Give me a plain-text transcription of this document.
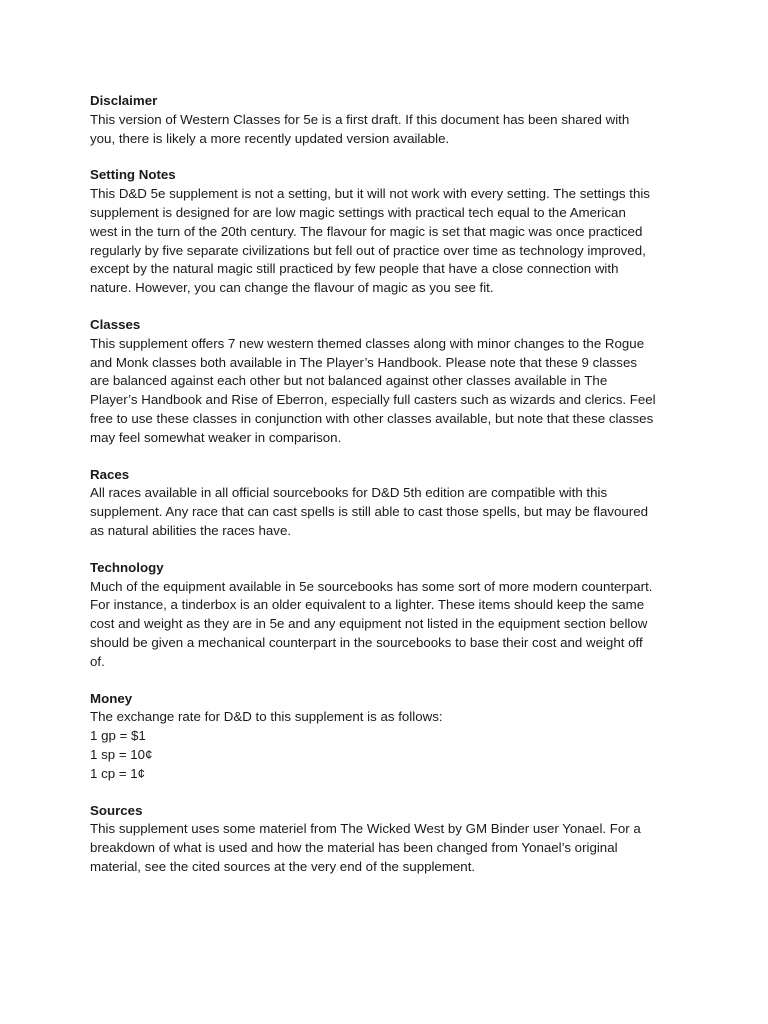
Disclaimer

This version of Western Classes for 5e is a first draft. If this document has been shared with
you, there is likely a more recently updated version available.

Setting Notes

This D&D 5e supplement is not a setting, but it will not work with every setting. The settings this
supplement is designed for are low magic settings with practical tech equal to the American
west in the turn of the 20th century. The flavour for magic is set that magic was once practiced
regularly by five separate civilizations but fell out of practice over time as technology improved,
except by the natural magic still practiced by few people that have a close connection with
nature. However, you can change the flavour of magic as you see fit.

Classes

This supplement offers 7 new western themed classes along with minor changes to the Rogue
and Monk classes both available in The Player’s Handbook. Please note that these 9 classes
are balanced against each other but not balanced against other classes available in The
Player’s Handbook and Rise of Eberron, especially full casters such as wizards and clerics. Feel
free to use these classes in conjunction with other classes available, but note that these classes
may feel somewhat weaker in comparison.

Races

All races available in all official sourcebooks for D&D 5th edition are compatible with this
supplement. Any race that can cast spells is still able to cast those spells, but may be flavoured
as natural abilities the races have.

Technology

Much of the equipment available in 5e sourcebooks has some sort of more modern counterpart.
For instance, a tinderbox is an older equivalent to a lighter. These items should keep the same
cost and weight as they are in 5e and any equipment not listed in the equipment section bellow
should be given a mechanical counterpart in the sourcebooks to base their cost and weight off
of.

Money

The exchange rate for D&D to this supplement is as follows:
1 gp = $1
1 sp = 10¢
1 cp = 1¢

Sources

This supplement uses some materiel from The Wicked West by GM Binder user Yonael. For a
breakdown of what is used and how the material has been changed from Yonael’s original
material, see the cited sources at the very end of the supplement.
